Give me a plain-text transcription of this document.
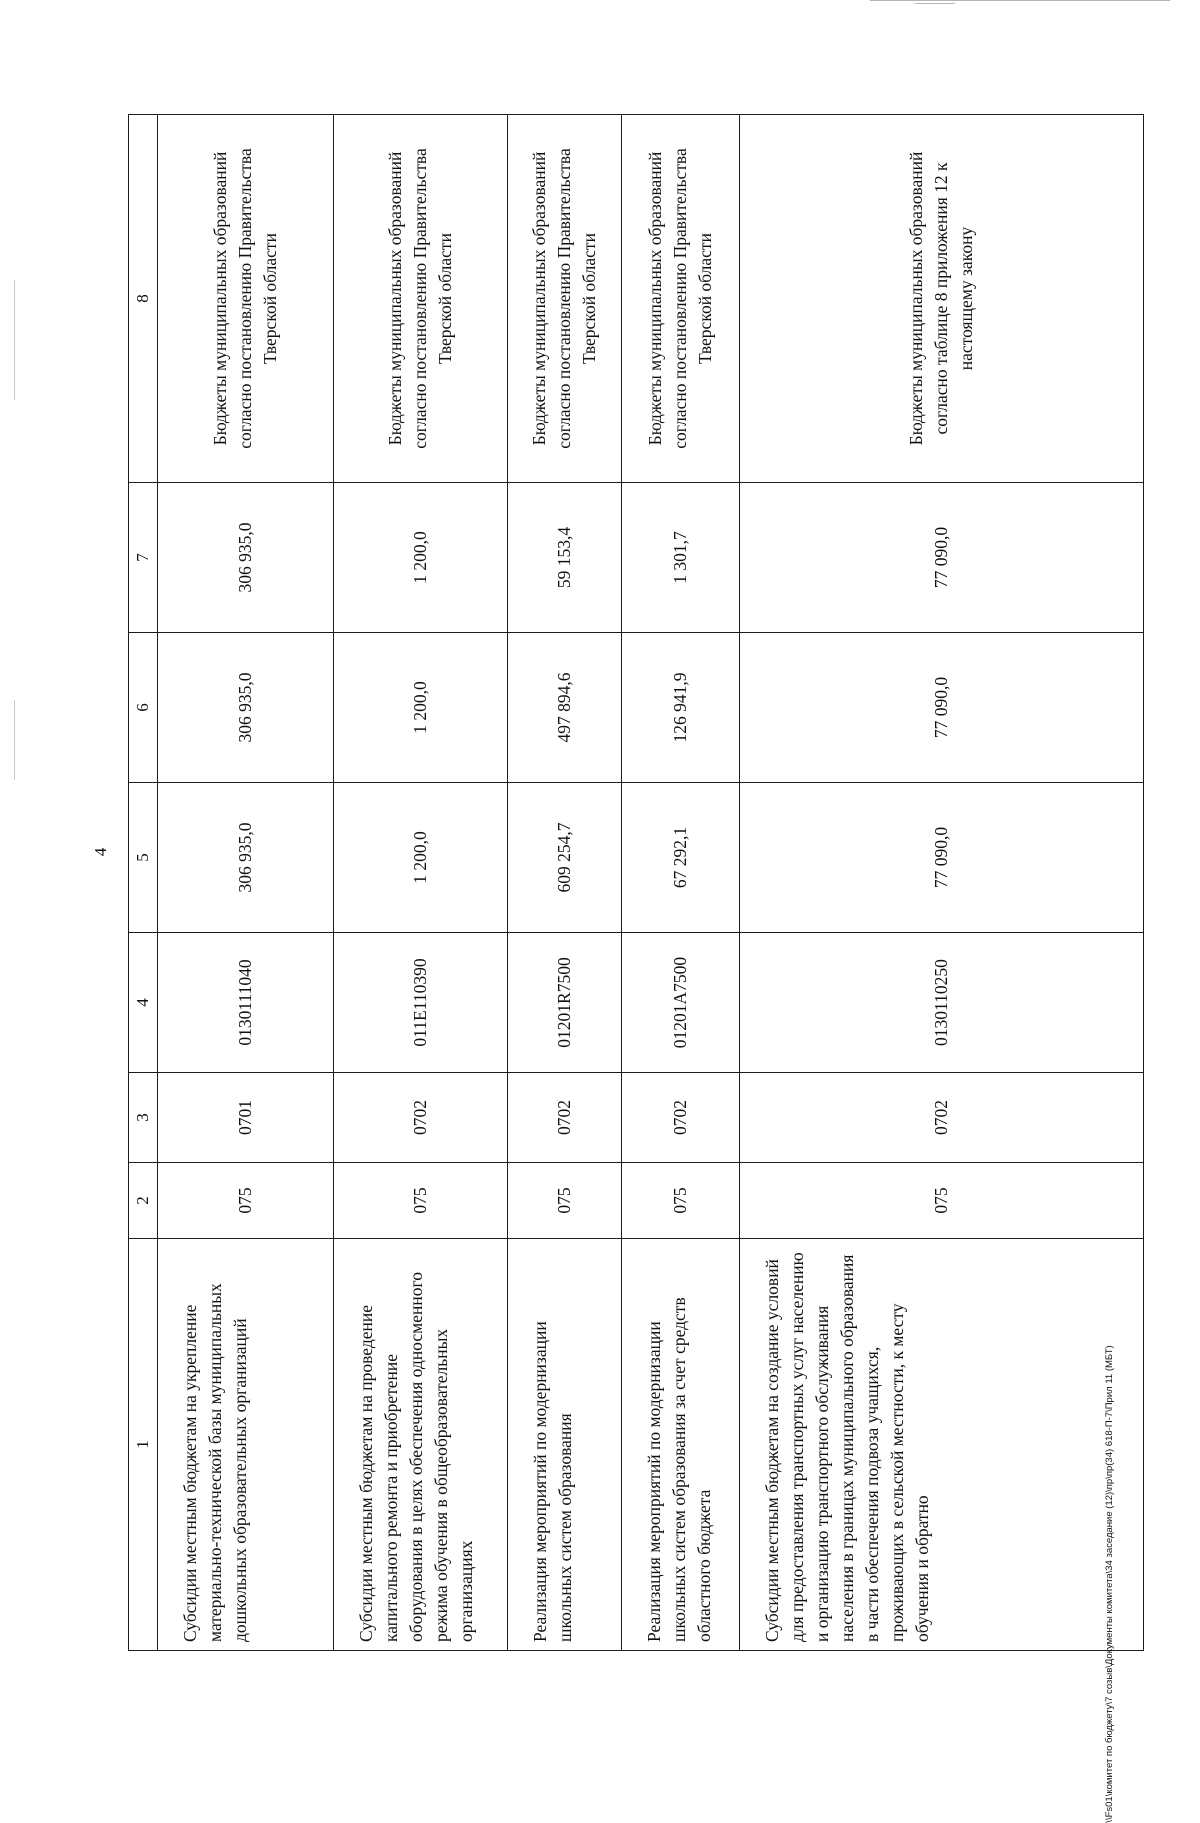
4
1	2	3	4	5	6	7	8
Субсидии местным бюджетам на укрепление материально-технической базы муниципальных дошкольных образовательных организаций	075	0701	0130111040	306 935,0	306 935,0	306 935,0	Бюджеты муниципальных образований согласно постановлению Правительства Тверской области
Субсидии местным бюджетам на проведение капитального ремонта и приобретение оборудования в целях обеспечения односменного режима обучения в общеобразовательных организациях	075	0702	011E110390	1 200,0	1 200,0	1 200,0	Бюджеты муниципальных образований согласно постановлению Правительства Тверской области
Реализация мероприятий по модернизации школьных систем образования	075	0702	01201R7500	609 254,7	497 894,6	59 153,4	Бюджеты муниципальных образований согласно постановлению Правительства Тверской области
Реализация мероприятий по модернизации школьных систем образования за счет средств областного бюджета	075	0702	01201A7500	67 292,1	126 941,9	1 301,7	Бюджеты муниципальных образований согласно постановлению Правительства Тверской области
Субсидии местным бюджетам на создание условий для предоставления транспортных услуг населению и организацию транспортного обслуживания населения в границах муниципального образования в части обеспечения подвоза учащихся, проживающих в сельской местности, к месту обучения и обратно	075	0702	0130110250	77 090,0	77 090,0	77 090,0	Бюджеты муниципальных образований согласно таблице 8 приложения 12 к настоящему закону
\\Fs01\комитет по бюджету\7 созыв\Документы комитета\34 заседание (12)\пр\пр(34) 618-П-7\Прил 11 (МБТ)
